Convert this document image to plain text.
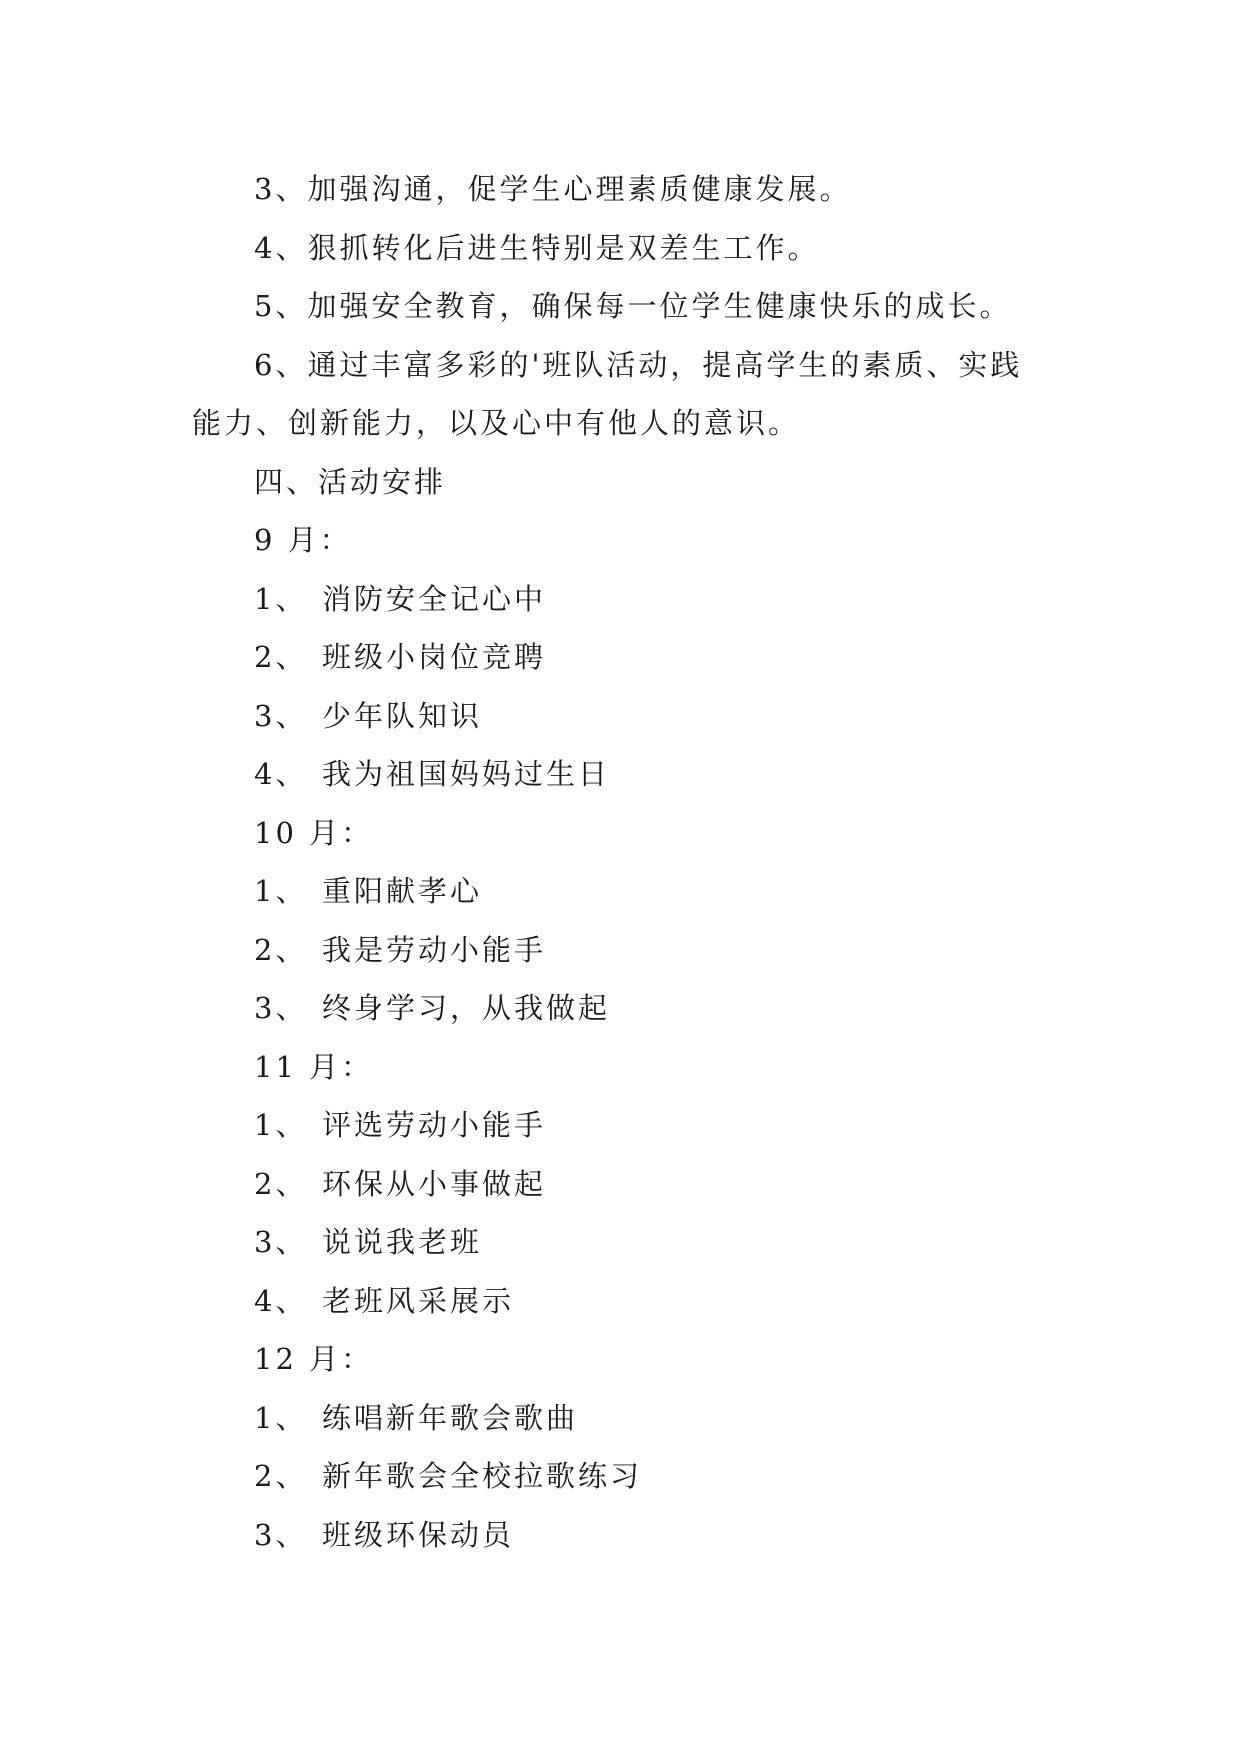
3、加强沟通，促学生心理素质健康发展。
4、狠抓转化后进生特别是双差生工作。
5、加强安全教育，确保每一位学生健康快乐的成长。
6、通过丰富多彩的'班队活动，提高学生的素质、实践
能力、创新能力，以及心中有他人的意识。
四、活动安排
9 月：
1、 消防安全记心中
2、 班级小岗位竞聘
3、 少年队知识
4、 我为祖国妈妈过生日
10 月：
1、 重阳献孝心
2、 我是劳动小能手
3、 终身学习，从我做起
11 月：
1、 评选劳动小能手
2、 环保从小事做起
3、 说说我老班
4、 老班风采展示
12 月：
1、 练唱新年歌会歌曲
2、 新年歌会全校拉歌练习
3、 班级环保动员
